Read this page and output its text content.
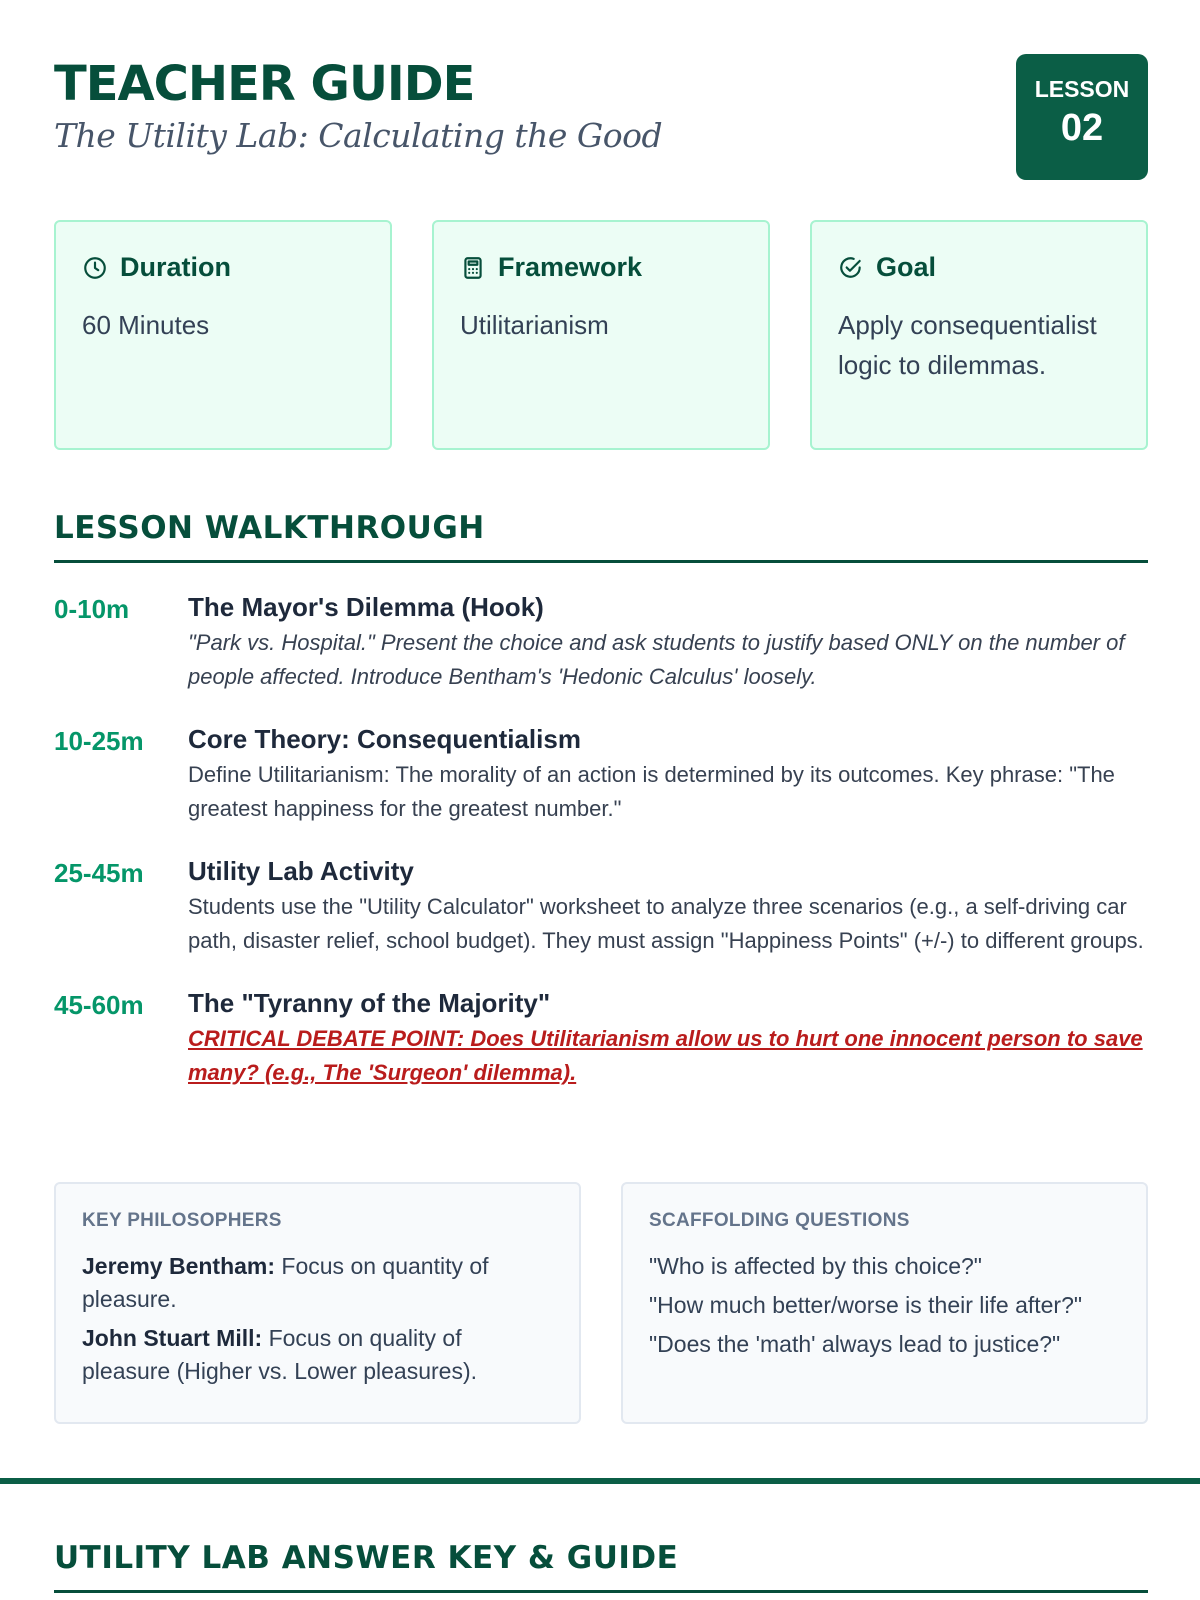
TEACHER GUIDE
The Utility Lab: Calculating the Good
LESSON
02
Duration
60 Minutes
Framework
Utilitarianism
Goal
Apply consequentialist logic to dilemmas.
LESSON WALKTHROUGH
0-10m	The Mayor's Dilemma (Hook)
"Park vs. Hospital." Present the choice and ask students to justify based ONLY on the number of people affected. Introduce Bentham's 'Hedonic Calculus' loosely.
10-25m	Core Theory: Consequentialism
Define Utilitarianism: The morality of an action is determined by its outcomes. Key phrase: "The greatest happiness for the greatest number."
25-45m	Utility Lab Activity
Students use the "Utility Calculator" worksheet to analyze three scenarios (e.g., a self-driving car path, disaster relief, school budget). They must assign "Happiness Points" (+/-) to different groups.
45-60m	The "Tyranny of the Majority"
CRITICAL DEBATE POINT: Does Utilitarianism allow us to hurt one innocent person to save many? (e.g., The 'Surgeon' dilemma).
KEY PHILOSOPHERS
Jeremy Bentham: Focus on quantity of pleasure.
John Stuart Mill: Focus on quality of pleasure (Higher vs. Lower pleasures).
SCAFFOLDING QUESTIONS
"Who is affected by this choice?"
"How much better/worse is their life after?"
"Does the 'math' always lead to justice?"
UTILITY LAB ANSWER KEY & GUIDE
